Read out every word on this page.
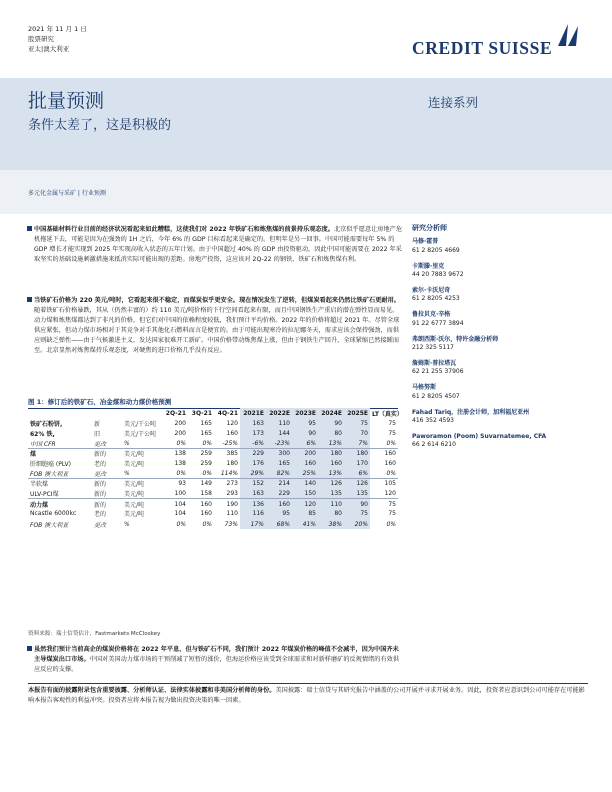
2021 年 11 月 1 日
股票研究
亚太|澳大利亚	CREDIT SUISSE
批量预测
条件太差了，这是积极的
连接系列
多元化金属与采矿 | 行业预测
中国基础材料行业目前的经济状况看起来如此糟糕，这使我们对 2022 年铁矿石和炼焦煤的前景持乐观态度。北京似乎愿意让房地产危机拖延下去，可能是因为在强劲的 1H 之后，今年 6% 的 GDP 目标看起来是确定的。但明年是另一回事。中国可能需要每年 5% 的 GDP 增长才能实现到 2025 年实现高收入状态的五年计划。由于中国超过 40% 的 GDP 由投资驱动，因此中国可能需要在 2022 年采取坚实的基础设施刺激措施来抵消实际可能出现的差距。房地产投资，这应该对 2Q-22 的钢铁、铁矿石和炼焦煤有利。
当铁矿石价格为 220 美元/吨时，它看起来很不稳定，而煤炭似乎更安全。现在情况发生了逆转，但煤炭看起来仍然比铁矿石更耐用。随着铁矿石价格暴跌，其从（仍然丰富的）约 110 美元/吨价格的下行空间看起来有限，而且中国钢铁生产重启的潜在弹性显而易见。动力煤和炼焦煤都达到了非凡的价格，但它们对中国的依赖程度较低，我们预计平均价格。2022 年的价格将超过 2021 年。尽管全球供应紧张，但动力煤市场相对于其竞争对手其他化石燃料而言是便宜的。由于可能出现寒冷的拉尼娜冬天，需求应该会保持强劲，而供应则缺乏弹性——由于气候激进主义，发达国家很难开工新矿。中国价格带动炼焦煤上涨，但由于钢铁生产回升，全球紧缩已然接踵而至。北京显然对炼焦煤持乐观态度，对硬焦的进口价格几乎没有反应。
图 1：修订后的铁矿石、冶金煤和动力煤价格预测
			2Q-21	3Q-21	4Q-21	2021E	2022E	2023E	2024E	2025E	LT（真实）
铁矿石粉饼,	新	美元/干公吨	200	165	120	163	110	95	90	75	75
62% 铁,	旧	美元/干公吨	200	165	160	173	144	90	80	70	75
中国 CFR	更改	%	0%	0%	-25%	-6%	-23%	6%	13%	7%	0%
煤	新的	美元/吨	138	259	385	229	300	200	180	180	160
肝细胞癌 (PLV)	老的	美元/吨	138	259	180	176	165	160	160	170	160
FOB 澳大利亚	更改	%	0%	0%	114%	29%	82%	25%	13%	6%	0%
半软煤	新的	美元/吨	93	149	273	152	214	140	126	126	105
ULV-PCI煤	新的	美元/吨	100	158	293	163	229	150	135	135	120
动力煤	新的	美元/吨	104	160	190	136	160	120	110	90	75
Ncastle 6000kc	老的	美元/吨	104	160	110	116	95	85	80	75	75
FOB 澳大利亚	更改	%	0%	0%	73%	17%	68%	41%	38%	20%	0%
资料来源：瑞士信贷估计，Fastmarkets McCloskey
虽然我们预计当前高企的煤炭价格将在 2022 年平息，但与铁矿石不同，我们预计 2022 年煤炭价格的峰值不会减半，因为中国齐未主导煤炭出口市场。中国对美国动力煤市场的干预削减了短暂的涨价，但海运价格应该受到全球需求和对新样磨矿的反规情绪的有效供应反应的支撑。
本报告有面的披露附录包含重要披露、分析师认证、法律实体披露和非美国分析师的身份。美国披露：瑞士信贷与其研究报告中涵盖的公司开展并寻求开展业务。因此，投资者应意识到公司可能存在可能影响本报告客观性的利益冲突。投资者应将本报告视为做出投资决策的唯一因素。
研究分析师
马修·霍普
61 2 8205 4669
卡斯滕·里克
44 20 7883 9672
索尔·卡沃尼奇
61 2 8205 4253
鲁拉贝克·辛格
91 22 6777 3894
弗朗西斯·沃尔，特许金融分析师
212 325 5117
詹姆斯·普拉塔瓦
62 21 255 37906
马格努斯
61 2 8205 4507
Fahad Tariq，注册会计师，加利福尼亚州
416 352 4593
Paworamon (Poom) Suvarnatemee, CFA
66 2 614 6210
